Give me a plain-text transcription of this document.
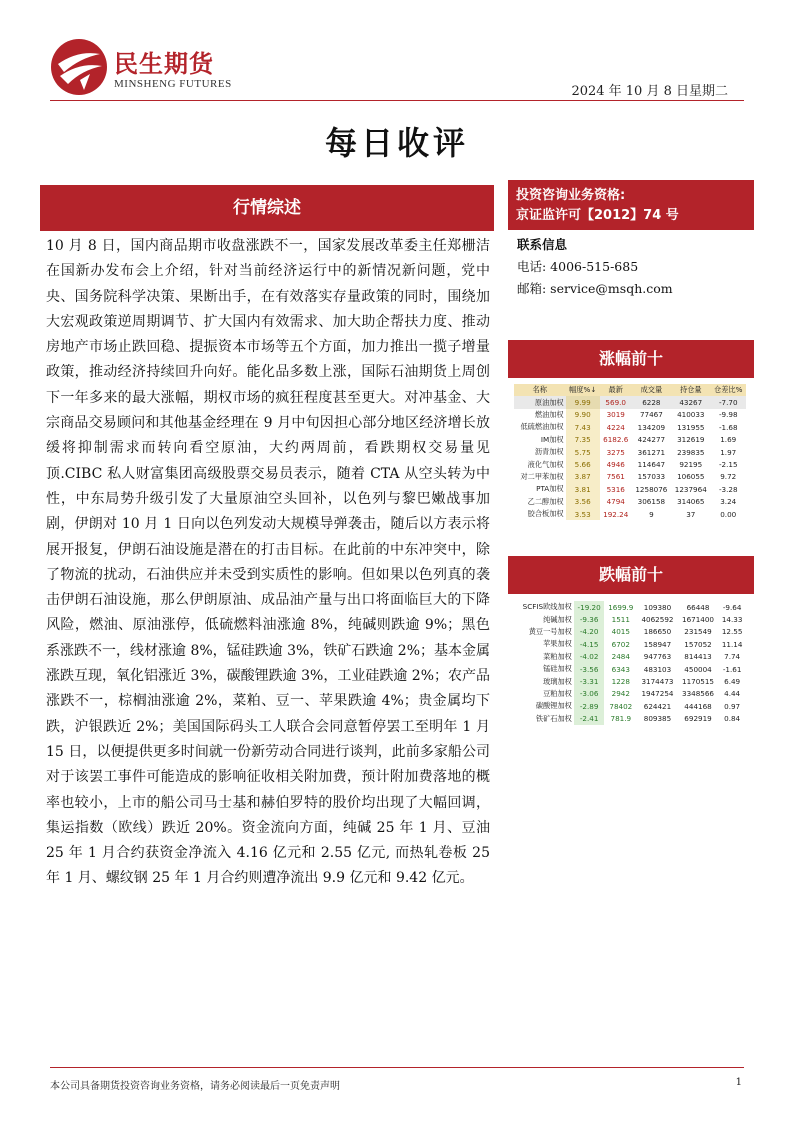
民生期货
MINSHENG FUTURES	2024 年 10 月 8 日星期二
每日收评
行情综述

10 月 8 日，国内商品期市收盘涨跌不一，国家发展改革委主任郑栅洁在国新办发布会上介绍，针对当前经济运行中的新情况新问题，党中央、国务院科学决策、果断出手，在有效落实存量政策的同时，围绕加大宏观政策逆周期调节、扩大国内有效需求、加大助企帮扶力度、推动房地产市场止跌回稳、提振资本市场等五个方面，加力推出一揽子增量政策，推动经济持续回升向好。能化品多数上涨，国际石油期货上周创下一年多来的最大涨幅，期权市场的疯狂程度甚至更大。对冲基金、大宗商品交易顾问和其他基金经理在 9 月中旬因担心部分地区经济增长放缓将抑制需求而转向看空原油，大约两周前，看跌期权交易量见顶.CIBC 私人财富集团高级股票交易员表示，随着 CTA 从空头转为中性，中东局势升级引发了大量原油空头回补，以色列与黎巴嫩战事加剧，伊朗对 10 月 1 日向以色列发动大规模导弹袭击，随后以方表示将展开报复，伊朗石油设施是潜在的打击目标。在此前的中东冲突中，除了物流的扰动，石油供应并未受到实质性的影响。但如果以色列真的袭击伊朗石油设施，那么伊朗原油、成品油产量与出口将面临巨大的下降风险，燃油、原油涨停，低硫燃料油涨逾 8%，纯碱则跌逾 9%；黑色系涨跌不一，线材涨逾 8%，锰硅跌逾 3%，铁矿石跌逾 2%；基本金属涨跌互现，氧化铝涨近 3%，碳酸锂跌逾 3%，工业硅跌逾 2%；农产品涨跌不一，棕榈油涨逾 2%，菜粕、豆一、苹果跌逾 4%；贵金属均下跌，沪银跌近 2%；美国国际码头工人联合会同意暂停罢工至明年 1 月 15 日，以便提供更多时间就一份新劳动合同进行谈判，此前多家船公司对于该罢工事件可能造成的影响征收相关附加费，预计附加费落地的概率也较小，上市的船公司马士基和赫伯罗特的股价均出现了大幅回调， 集运指数（欧线）跌近 20%。资金流向方面，纯碱 25 年 1 月、豆油 25 年 1 月合约获资金净流入 4.16 亿元和 2.55 亿元, 而热轧卷板 25 年 1 月、螺纹钢 25 年 1 月合约则遭净流出 9.9 亿元和 9.42 亿元。

投资咨询业务资格:
京证监许可【2012】74 号
联系信息
电话: 4006-515-685
邮箱: service@msqh.com
涨幅前十
名称	幅度%↓	最新	成交量	持仓量	仓差比%
原油加权	9.99	569.0	6228	43267	-7.70
燃油加权	9.90	3019	77467	410033	-9.98
低硫燃油加权	7.43	4224	134209	131955	-1.68
IM加权	7.35	6182.6	424277	312619	1.69
沥青加权	5.75	3275	361271	239835	1.97
液化气加权	5.66	4946	114647	92195	-2.15
对二甲苯加权	3.87	7561	157033	106055	9.72
PTA加权	3.81	5316	1258076	1237964	-3.28
乙二醇加权	3.56	4794	306158	314065	3.24
胶合板加权	3.53	192.24	9	37	0.00
跌幅前十
SCFIS欧线加权	-19.20	1699.9	109380	66448	-9.64
纯碱加权	-9.36	1511	4062592	1671400	14.33
黄豆一号加权	-4.20	4015	186650	231549	12.55
苹果加权	-4.15	6702	158947	157052	11.14
菜粕加权	-4.02	2484	947763	814413	7.74
锰硅加权	-3.56	6343	483103	450004	-1.61
玻璃加权	-3.31	1228	3174473	1170515	6.49
豆粕加权	-3.06	2942	1947254	3348566	4.44
碳酸锂加权	-2.89	78402	624421	444168	0.97
铁矿石加权	-2.41	781.9	809385	692919	0.84
本公司具备期货投资咨询业务资格，请务必阅读最后一页免责声明	1
